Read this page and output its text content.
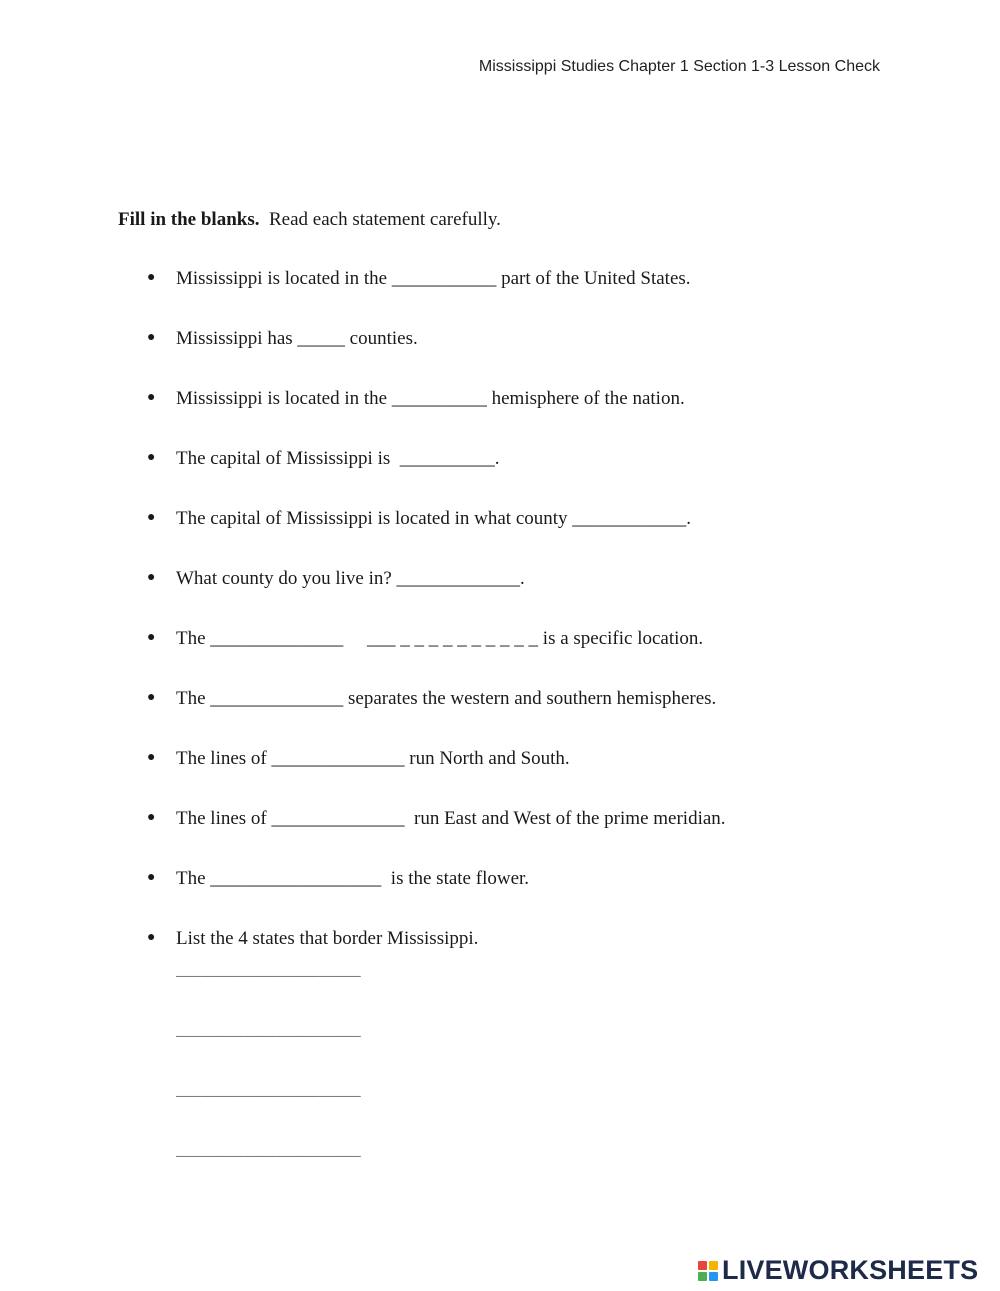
Mississippi Studies Chapter 1 Section 1-3 Lesson Check
Fill in the blanks. Read each statement carefully.
● Mississippi is located in the ___________ part of the United States.
● Mississippi has _____ counties.
● Mississippi is located in the __________ hemisphere of the nation.
● The capital of Mississippi is  __________.
● The capital of Mississippi is located in what county ____________.
● What county do you live in? _____________.
● The ______________     ___ _ _ _ _ _ _ _ _ _ _ is a specific location.
● The ______________ separates the western and southern hemispheres.
● The lines of ______________ run North and South.
● The lines of ______________  run East and West of the prime meridian.
● The __________________  is the state flower.
● List the 4 states that border Mississippi.
______________________
______________________
______________________
______________________
LIVEWORKSHEETS
